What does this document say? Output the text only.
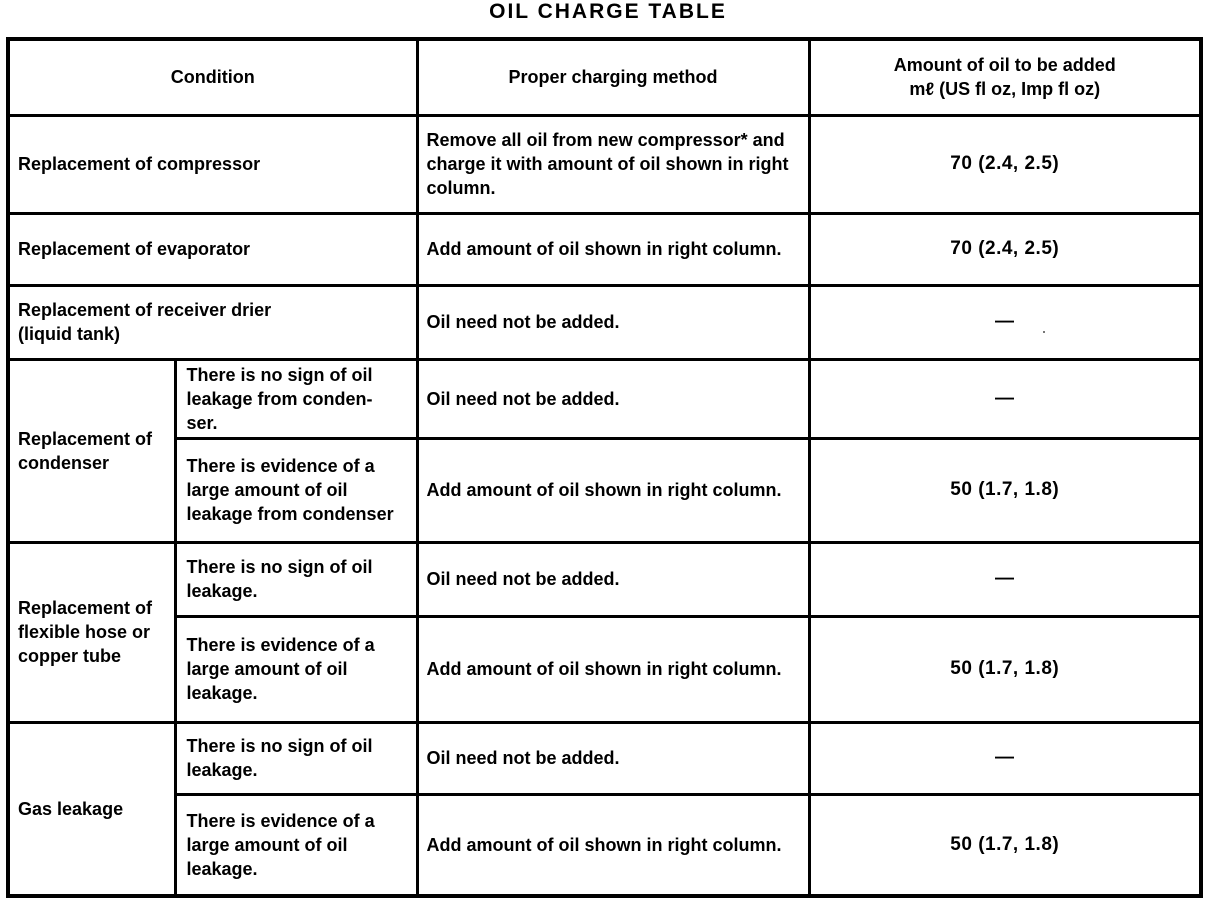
OIL CHARGE TABLE
Condition		Proper charging method	Amount of oil to be added
mℓ (US fl oz, Imp fl oz)

Replacement of compressor		Remove all oil from new compressor* and charge it with amount of oil shown in right column.	70 (2.4, 2.5)
Replacement of evaporator		Add amount of oil shown in right column.	70 (2.4, 2.5)

Replacement of receiver drier
(liquid tank)		Oil need not be added.	—
Replacement of condenser	There is no sign of oil leakage from conden- ser.	Oil need not be added.	—
	There is evidence of a large amount of oil leakage from condenser	Add amount of oil shown in right column.	50 (1.7, 1.8)
Replacement of flexible hose or copper tube	There is no sign of oil leakage.	Oil need not be added.	—
	There is evidence of a large amount of oil leakage.	Add amount of oil shown in right column.	50 (1.7, 1.8)
Gas leakage	There is no sign of oil leakage.	Oil need not be added.	—
	There is evidence of a large amount of oil leakage.	Add amount of oil shown in right column.	50 (1.7, 1.8)
